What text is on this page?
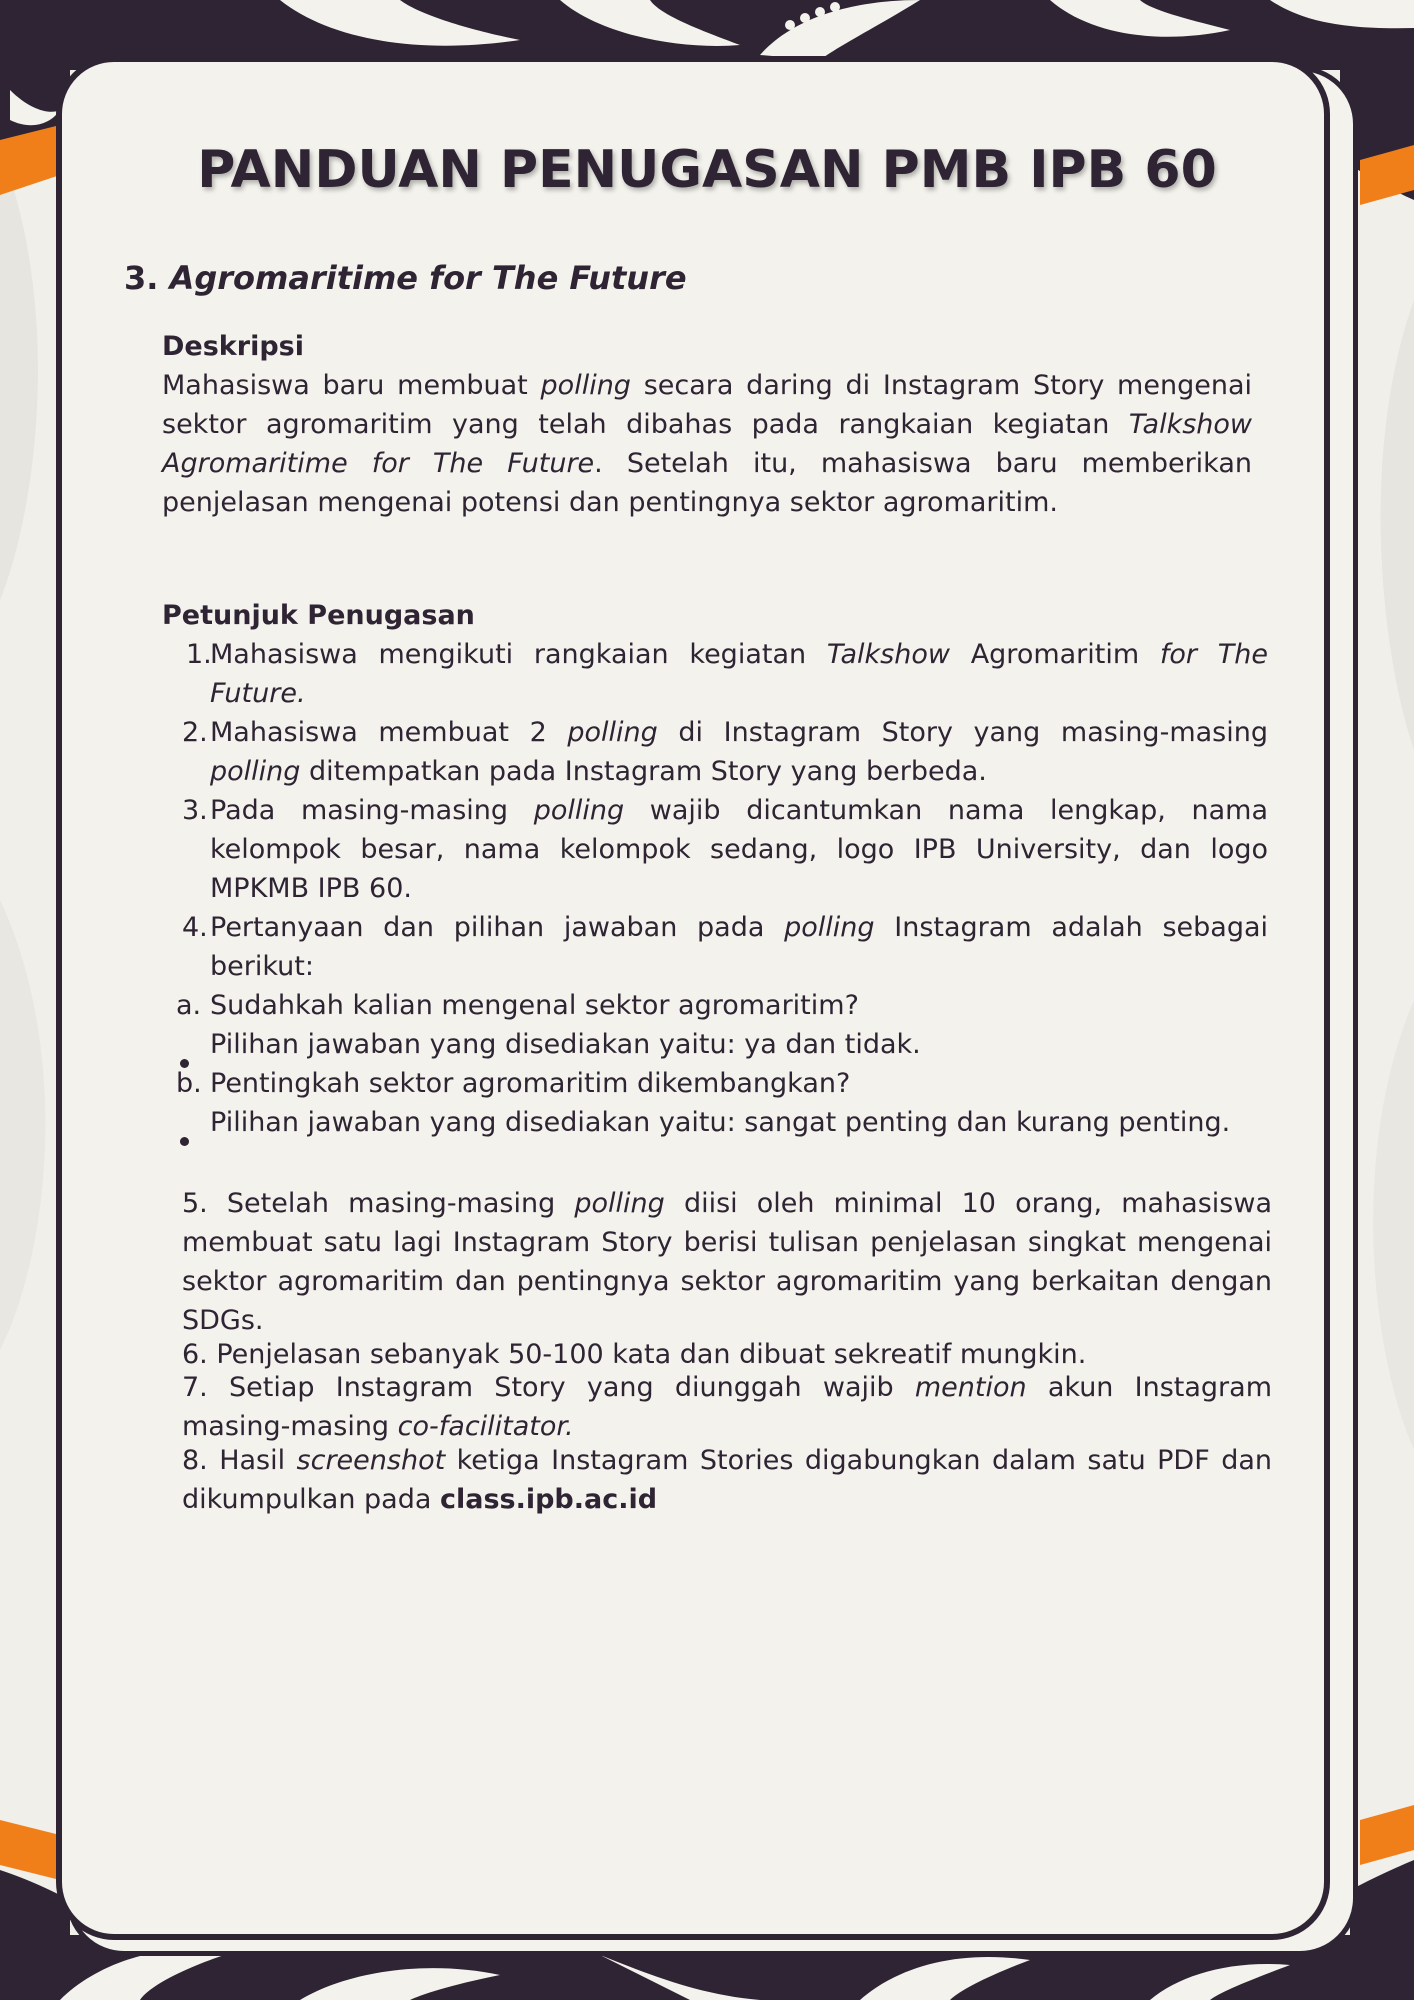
PANDUAN PENUGASAN PMB IPB 60
3. Agromaritime for The Future
Deskripsi
Mahasiswa baru membuat polling secara daring di Instagram Story mengenai sektor agromaritim yang telah dibahas pada rangkaian kegiatan Talkshow Agromaritime for The Future. Setelah itu, mahasiswa baru memberikan penjelasan mengenai potensi dan pentingnya sektor agromaritim.
Petunjuk Penugasan
1.
Mahasiswa mengikuti rangkaian kegiatan Talkshow Agromaritim for The Future.
2. Mahasiswa membuat 2 polling di Instagram Story yang masing-masing polling ditempatkan pada Instagram Story yang berbeda.
3. Pada masing-masing polling wajib dicantumkan nama lengkap, nama kelompok besar, nama kelompok sedang, logo IPB University, dan logo MPKMB IPB 60.
4. Pertanyaan dan pilihan jawaban pada polling Instagram adalah sebagai berikut:
a. Sudahkah kalian mengenal sektor agromaritim?
Pilihan jawaban yang disediakan yaitu: ya dan tidak.
b. Pentingkah sektor agromaritim dikembangkan?
Pilihan jawaban yang disediakan yaitu: sangat penting dan kurang penting.
5. Setelah masing-masing polling diisi oleh minimal 10 orang, mahasiswa membuat satu lagi Instagram Story berisi tulisan penjelasan singkat mengenai sektor agromaritim dan pentingnya sektor agromaritim yang berkaitan dengan SDGs.
6. Penjelasan sebanyak 50-100 kata dan dibuat sekreatif mungkin.
7. Setiap Instagram Story yang diunggah wajib mention akun Instagram masing-masing co-facilitator.
8. Hasil screenshot ketiga Instagram Stories digabungkan dalam satu PDF dan dikumpulkan pada class.ipb.ac.id
